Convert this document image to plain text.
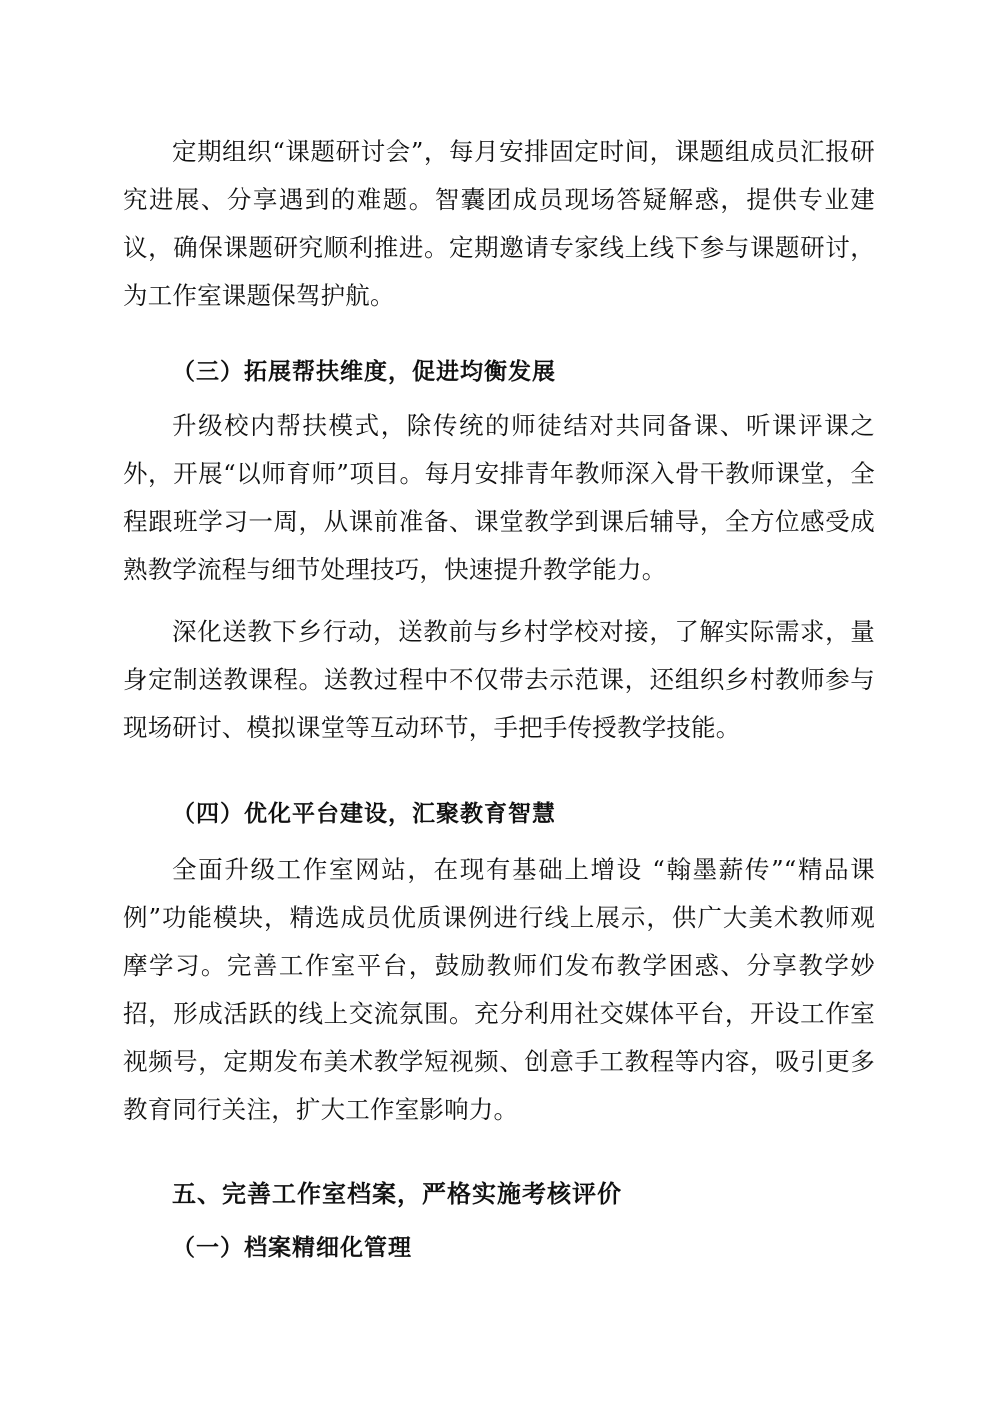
定期组织“课题研讨会”，每月安排固定时间，课题组成员汇报研究进展、分享遇到的难题。智囊团成员现场答疑解惑，提供专业建议，确保课题研究顺利推进。定期邀请专家线上线下参与课题研讨，为工作室课题保驾护航。

（三）拓展帮扶维度，促进均衡发展

升级校内帮扶模式，除传统的师徒结对共同备课、听课评课之外，开展“以师育师”项目。每月安排青年教师深入骨干教师课堂，全程跟班学习一周，从课前准备、课堂教学到课后辅导，全方位感受成熟教学流程与细节处理技巧，快速提升教学能力。

深化送教下乡行动，送教前与乡村学校对接，了解实际需求，量身定制送教课程。送教过程中不仅带去示范课，还组织乡村教师参与现场研讨、模拟课堂等互动环节，手把手传授教学技能。

（四）优化平台建设，汇聚教育智慧

全面升级工作室网站，在现有基础上增设 “翰墨薪传”“精品课例”功能模块，精选成员优质课例进行线上展示，供广大美术教师观摩学习。完善工作室平台，鼓励教师们发布教学困惑、分享教学妙招，形成活跃的线上交流氛围。充分利用社交媒体平台，开设工作室视频号，定期发布美术教学短视频、创意手工教程等内容，吸引更多教育同行关注，扩大工作室影响力。

五、完善工作室档案，严格实施考核评价
（一）档案精细化管理
